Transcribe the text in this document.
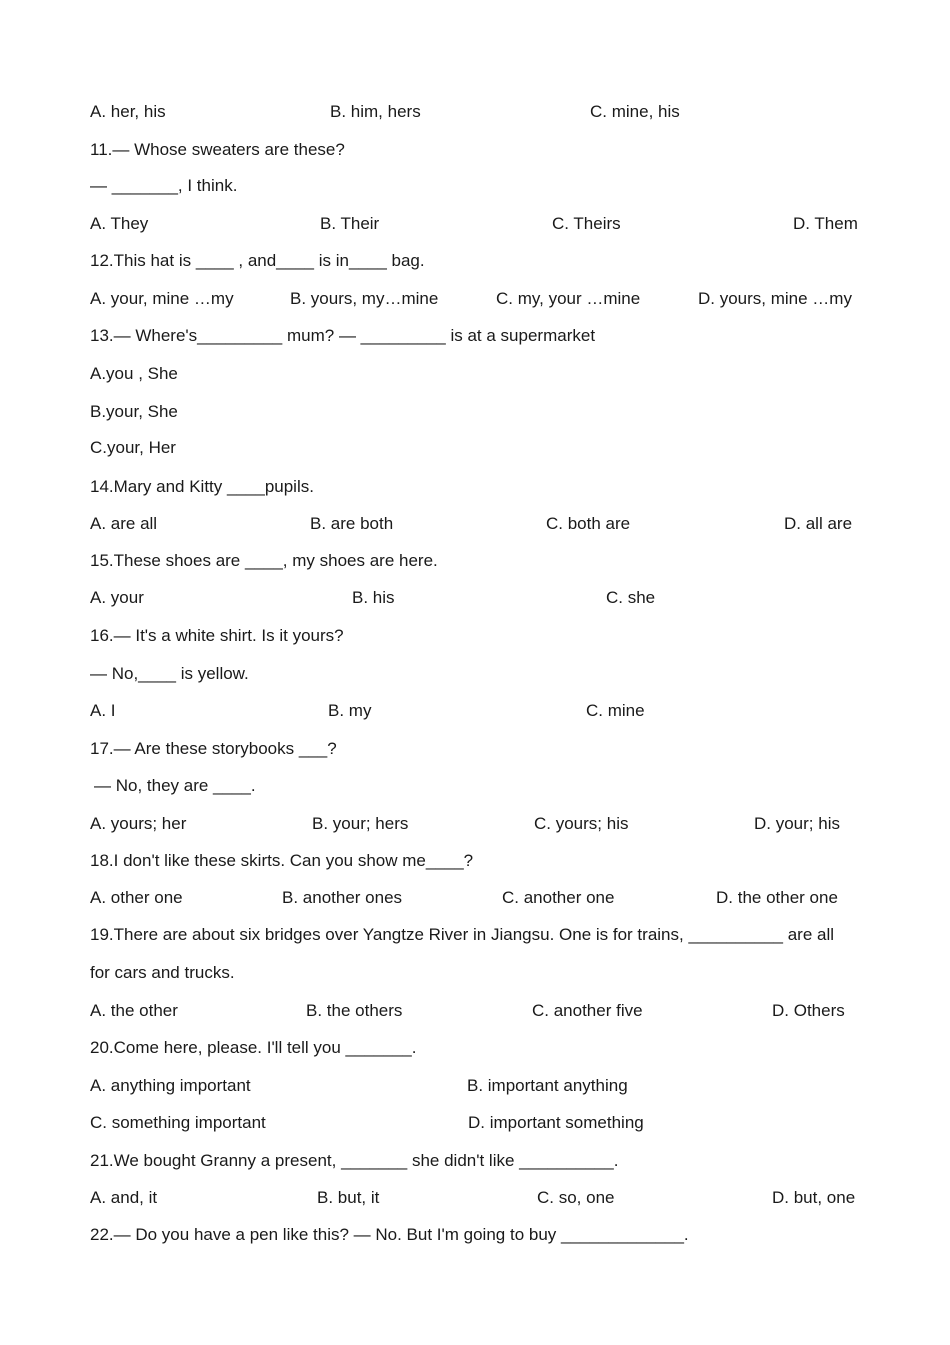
A. her, his	B. him, hers	C. mine, his
11.— Whose sweaters are these?
— _______, I think.
A. They	B. Their	C. Theirs	D. Them
12.This hat is ____ , and____ is in____ bag.
A. your, mine …my	B. yours, my…mine	C. my, your …mine	D. yours, mine …my
13.— Where's_________ mum? — _________ is at a supermarket
A.you , She
B.your, She
C.your, Her
14.Mary and Kitty ____pupils.
A. are all	B. are both	C. both are	D. all are
15.These shoes are ____, my shoes are here.
A. your	B. his	C. she
16.— It's a white shirt. Is it yours?
— No,____ is yellow.
A. I	B. my	C. mine
17.— Are these storybooks ___?
— No, they are ____.
A. yours; her	B. your; hers	C. yours; his	D. your; his
18.I don't like these skirts. Can you show me____?
A. other one	B. another ones	C. another one	D. the other one
19.There are about six bridges over Yangtze River in Jiangsu. One is for trains, __________ are all
for cars and trucks.
A. the other	B. the others	C. another five	D. Others
20.Come here, please. I'll tell you _______.
A. anything important	B. important anything
C. something important	D. important something
21.We bought Granny a present, _______ she didn't like __________.
A. and, it	B. but, it	C. so, one	D. but, one
22.— Do you have a pen like this? — No. But I'm going to buy _____________.
